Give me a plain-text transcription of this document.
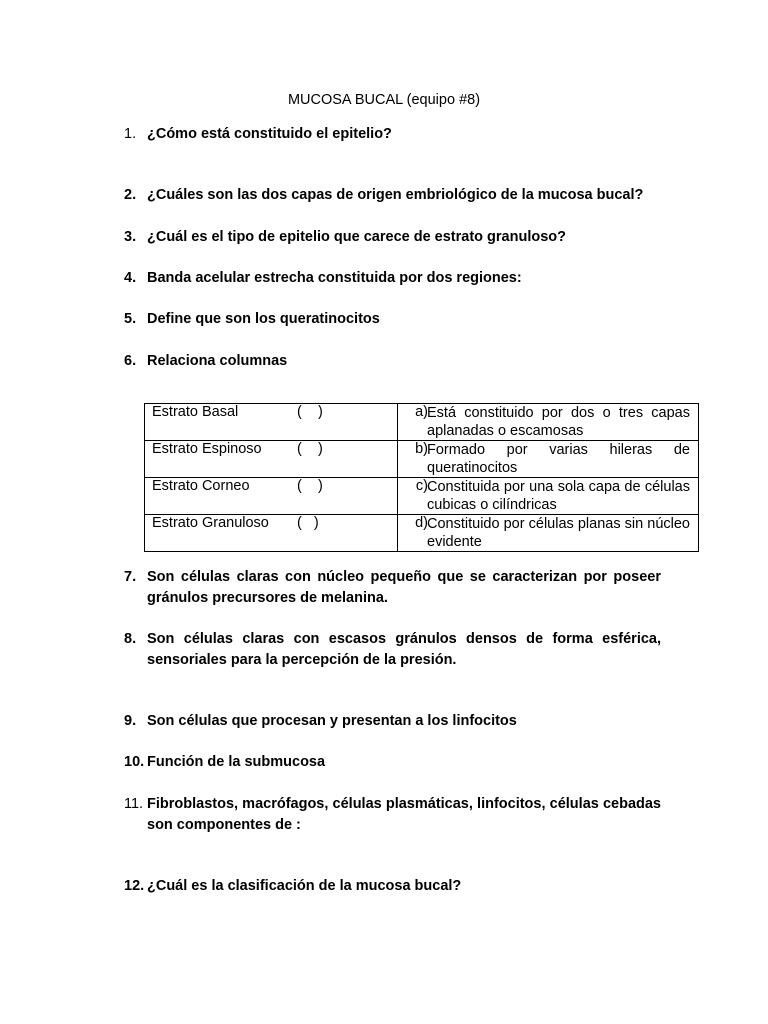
MUCOSA BUCAL (equipo #8)
1. ¿Cómo está constituido el epitelio?
2. ¿Cuáles son las dos capas de origen embriológico de la mucosa bucal?
3. ¿Cuál es el tipo de epitelio que carece de estrato granuloso?
4. Banda acelular estrecha constituida por dos regiones:
5. Define que son los queratinocitos
6. Relaciona columnas
Estrato Basal (    )	a) Está constituido por dos o tres capas aplanadas o escamosas

Estrato Espinoso (    )	b) Formado por varias hileras de queratinocitos

Estrato Corneo (    )	c) Constituida por una sola capa de células cubicas o cilíndricas

Estrato Granuloso (   )	d) Constituido por células planas sin núcleo evidente
7. Son células claras con núcleo pequeño que se caracterizan por poseer gránulos precursores de melanina.
8. Son células claras con escasos gránulos densos de forma esférica, sensoriales para la percepción de la presión.
9. Son células que procesan y presentan a los linfocitos
10. Función de la submucosa
11. Fibroblastos, macrófagos, células plasmáticas, linfocitos, células cebadas son componentes de :
12. ¿Cuál es la clasificación de la mucosa bucal?
